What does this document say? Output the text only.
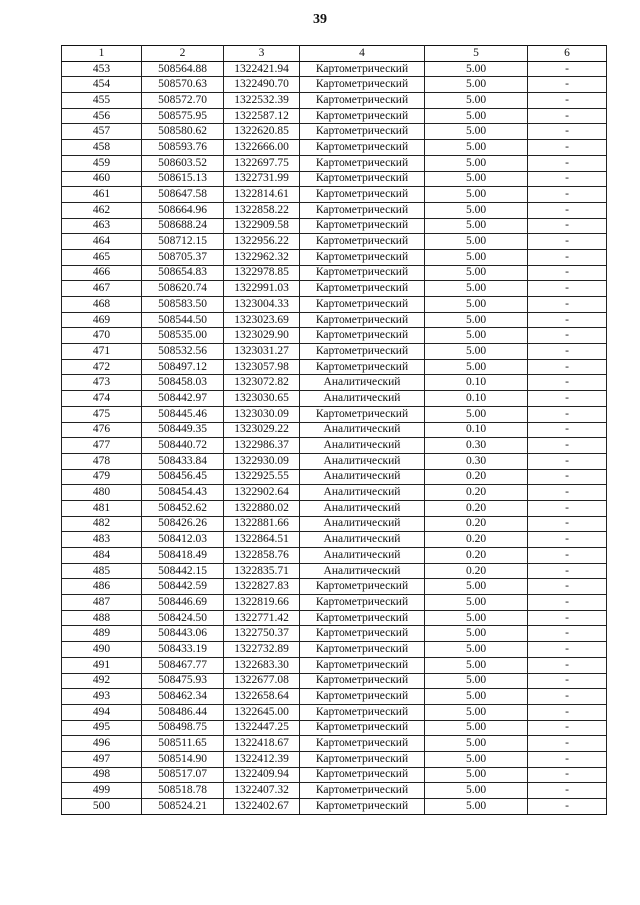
39
1	2	3	4	5	6
453	508564.88	1322421.94	Картометрический	5.00	-
454	508570.63	1322490.70	Картометрический	5.00	-
455	508572.70	1322532.39	Картометрический	5.00	-
456	508575.95	1322587.12	Картометрический	5.00	-
457	508580.62	1322620.85	Картометрический	5.00	-
458	508593.76	1322666.00	Картометрический	5.00	-
459	508603.52	1322697.75	Картометрический	5.00	-
460	508615.13	1322731.99	Картометрический	5.00	-
461	508647.58	1322814.61	Картометрический	5.00	-
462	508664.96	1322858.22	Картометрический	5.00	-
463	508688.24	1322909.58	Картометрический	5.00	-
464	508712.15	1322956.22	Картометрический	5.00	-
465	508705.37	1322962.32	Картометрический	5.00	-
466	508654.83	1322978.85	Картометрический	5.00	-
467	508620.74	1322991.03	Картометрический	5.00	-
468	508583.50	1323004.33	Картометрический	5.00	-
469	508544.50	1323023.69	Картометрический	5.00	-
470	508535.00	1323029.90	Картометрический	5.00	-
471	508532.56	1323031.27	Картометрический	5.00	-
472	508497.12	1323057.98	Картометрический	5.00	-
473	508458.03	1323072.82	Аналитический	0.10	-
474	508442.97	1323030.65	Аналитический	0.10	-
475	508445.46	1323030.09	Картометрический	5.00	-
476	508449.35	1323029.22	Аналитический	0.10	-
477	508440.72	1322986.37	Аналитический	0.30	-
478	508433.84	1322930.09	Аналитический	0.30	-
479	508456.45	1322925.55	Аналитический	0.20	-
480	508454.43	1322902.64	Аналитический	0.20	-
481	508452.62	1322880.02	Аналитический	0.20	-
482	508426.26	1322881.66	Аналитический	0.20	-
483	508412.03	1322864.51	Аналитический	0.20	-
484	508418.49	1322858.76	Аналитический	0.20	-
485	508442.15	1322835.71	Аналитический	0.20	-
486	508442.59	1322827.83	Картометрический	5.00	-
487	508446.69	1322819.66	Картометрический	5.00	-
488	508424.50	1322771.42	Картометрический	5.00	-
489	508443.06	1322750.37	Картометрический	5.00	-
490	508433.19	1322732.89	Картометрический	5.00	-
491	508467.77	1322683.30	Картометрический	5.00	-
492	508475.93	1322677.08	Картометрический	5.00	-
493	508462.34	1322658.64	Картометрический	5.00	-
494	508486.44	1322645.00	Картометрический	5.00	-
495	508498.75	1322447.25	Картометрический	5.00	-
496	508511.65	1322418.67	Картометрический	5.00	-
497	508514.90	1322412.39	Картометрический	5.00	-
498	508517.07	1322409.94	Картометрический	5.00	-
499	508518.78	1322407.32	Картометрический	5.00	-
500	508524.21	1322402.67	Картометрический	5.00	-
